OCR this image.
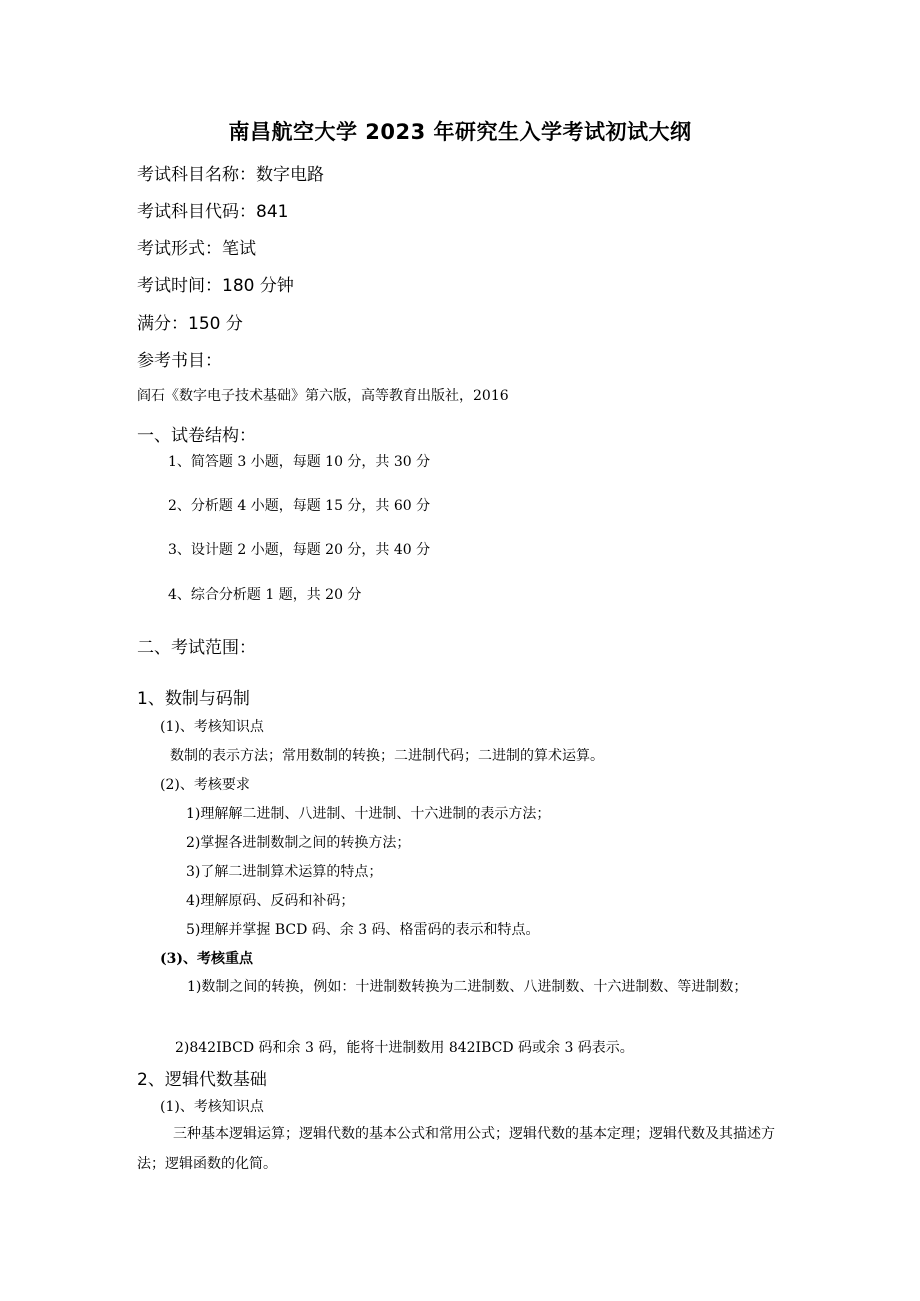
南昌航空大学 2023 年研究生入学考试初试大纲
考试科目名称：数字电路
考试科目代码：841
考试形式：笔试
考试时间：180 分钟
满分：150 分
参考书目：
阎石《数字电子技术基础》第六版，高等教育出版社，2016
一、试卷结构：
1、简答题 3 小题，每题 10 分，共 30 分
2、分析题 4 小题，每题 15 分，共 60 分
3、设计题 2 小题，每题 20 分，共 40 分
4、综合分析题 1 题，共 20 分
二、考试范围：
1、数制与码制
(1)、考核知识点
数制的表示方法；常用数制的转换；二进制代码；二进制的算术运算。
(2)、考核要求
1)理解解二进制、八进制、十进制、十六进制的表示方法；
2)掌握各进制数制之间的转换方法；
3)了解二进制算术运算的特点；
4)理解原码、反码和补码；
5)理解并掌握 BCD 码、余 3 码、格雷码的表示和特点。
(3)、考核重点
1)数制之间的转换，例如：十进制数转换为二进制数、八进制数、十六进制数、等进制数；
2)842IBCD 码和余 3 码，能将十进制数用 842IBCD 码或余 3 码表示。
2、逻辑代数基础
(1)、考核知识点
三种基本逻辑运算；逻辑代数的基本公式和常用公式；逻辑代数的基本定理；逻辑代数及其描述方法；逻辑函数的化简。
